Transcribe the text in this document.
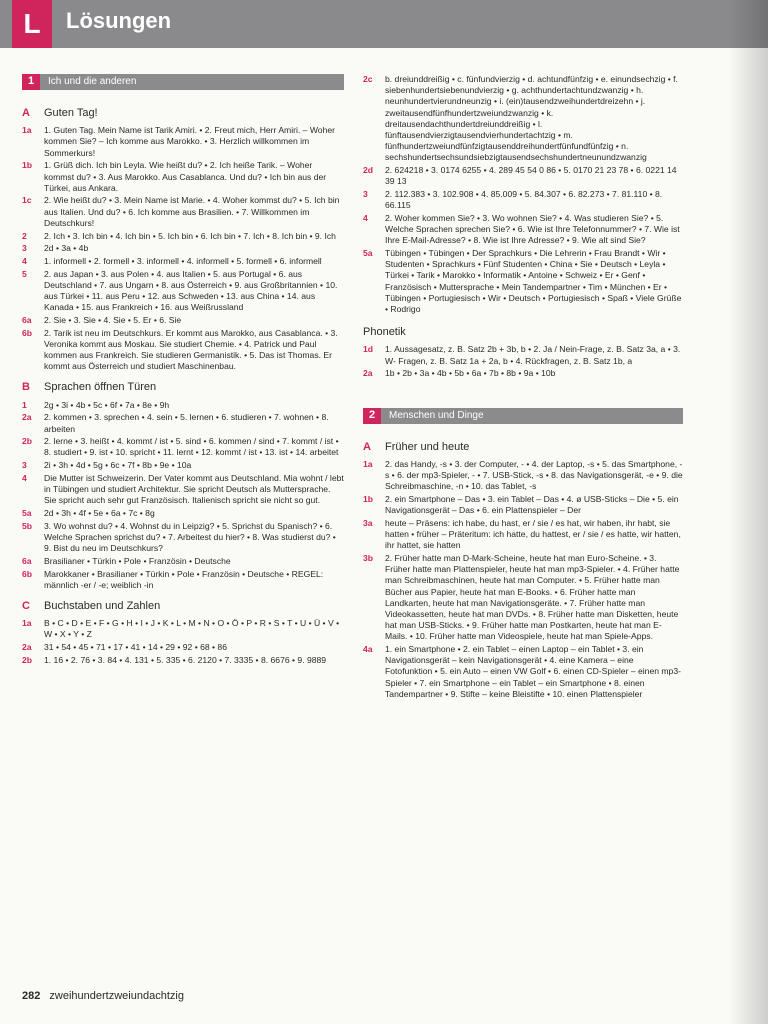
L	Lösungen
1	Ich und die anderen
A	Guten Tag!
1a	1. Guten Tag. Mein Name ist Tarik Amiri. • 2. Freut mich, Herr Amiri. – Woher kommen Sie? – Ich komme aus Marokko. • 3. Herzlich willkommen im Sommerkurs!
1b	1. Grüß dich. Ich bin Leyla. Wie heißt du? • 2. Ich heiße Tarik. – Woher kommst du? • 3. Aus Marokko. Aus Casablanca. Und du? • Ich bin aus der Türkei, aus Ankara.
1c	2. Wie heißt du? • 3. Mein Name ist Marie. • 4. Woher kommst du? • 5. Ich bin aus Italien. Und du? • 6. Ich komme aus Brasilien. • 7. Willkommen im Deutschkurs!
2	2. Ich • 3. Ich bin • 4. Ich bin • 5. Ich bin • 6. Ich bin • 7. Ich • 8. Ich bin • 9. Ich
3	2d • 3a • 4b
4	1. informell • 2. formell • 3. informell • 4. informell • 5. formell • 6. informell
5	2. aus Japan • 3. aus Polen • 4. aus Italien • 5. aus Portugal • 6. aus Deutschland • 7. aus Ungarn • 8. aus Österreich • 9. aus Großbritannien • 10. aus Türkei • 11. aus Peru • 12. aus Schweden • 13. aus China • 14. aus Kanada • 15. aus Frankreich • 16. aus Weißrussland
6a	2. Sie • 3. Sie • 4. Sie • 5. Er • 6. Sie
6b	2. Tarik ist neu im Deutschkurs. Er kommt aus Marokko, aus Casablanca. • 3. Veronika kommt aus Moskau. Sie studiert Chemie. • 4. Patrick und Paul kommen aus Frankreich. Sie studieren Germanistik. • 5. Das ist Thomas. Er kommt aus Österreich und studiert Maschinenbau.
B	Sprachen öffnen Türen
1	2g • 3i • 4b • 5c • 6f • 7a • 8e • 9h
2a	2. kommen • 3. sprechen • 4. sein • 5. lernen • 6. studieren • 7. wohnen • 8. arbeiten
2b	2. lerne • 3. heißt • 4. kommt / ist • 5. sind • 6. kommen / sind • 7. kommt / ist • 8. studiert • 9. ist • 10. spricht • 11. lernt • 12. kommt / ist • 13. ist • 14. arbeitet
3	2i • 3h • 4d • 5g • 6c • 7f • 8b • 9e • 10a
4	Die Mutter ist Schweizerin. Der Vater kommt aus Deutschland. Mia wohnt / lebt in Tübingen und studiert Architektur. Sie spricht Deutsch als Muttersprache. Sie spricht auch sehr gut Französisch. Italienisch spricht sie nicht so gut.
5a	2d • 3h • 4f • 5e • 6a • 7c • 8g
5b	3. Wo wohnst du? • 4. Wohnst du in Leipzig? • 5. Sprichst du Spanisch? • 6. Welche Sprachen sprichst du? • 7. Arbeitest du hier? • 8. Was studierst du? • 9. Bist du neu im Deutschkurs?
6a	Brasilianer • Türkin • Pole • Französin • Deutsche
6b	Marokkaner • Brasilianer • Türkin • Pole • Französin • Deutsche • REGEL: männlich -er / -e; weiblich -in
C	Buchstaben und Zahlen
1a	B • C • D • E • F • G • H • I • J • K • L • M • N • O • Ö • P • R • S • T • U • Ü • V • W • X • Y • Z
2a	31 • 54 • 45 • 71 • 17 • 41 • 14 • 29 • 92 • 68 • 86
2b	1. 16 • 2. 76 • 3. 84 • 4. 131 • 5. 335 • 6. 2120 • 7. 3335 • 8. 6676 • 9. 9889
2c	b. dreiunddreißig • c. fünfundvierzig • d. achtundfünfzig • e. einundsechzig • f. siebenhundertsiebenundvierzig • g. achthundertachtundzwanzig • h. neunhundertvierundneunzig • i. (ein)tausendzweihundertdreizehn • j. zweitausendfünfhundertzweiundzwanzig • k. dreitausendachthundertdreiunddreißig • l. fünftausendvierzigtausendvierhundertachtzig • m. fünfhundertzweiundfünfzigtausenddreihundertfünfundfünfzig • n. sechshundertsechsundsiebzigtausendsechshundertneunundzwanzig
2d	2. 624218 • 3. 0174 6255 • 4. 289 45 54 0 86 • 5. 0170 21 23 78 • 6. 0221 14 39 13
3	2. 112.383 • 3. 102.908 • 4. 85.009 • 5. 84.307 • 6. 82.273 • 7. 81.110 • 8. 66.115
4	2. Woher kommen Sie? • 3. Wo wohnen Sie? • 4. Was studieren Sie? • 5. Welche Sprachen sprechen Sie? • 6. Wie ist Ihre Telefonnummer? • 7. Wie ist Ihre E-Mail-Adresse? • 8. Wie ist Ihre Adresse? • 9. Wie alt sind Sie?
5a	Tübingen • Tübingen • Der Sprachkurs • Die Lehrerin • Frau Brandt • Wir • Studenten • Sprachkurs • Fünf Studenten • China • Sie • Deutsch • Leyla • Türkei • Tarik • Marokko • Informatik • Antoine • Schweiz • Er • Genf • Französisch • Muttersprache • Mein Tandempartner • Tim • München • Er • Tübingen • Portugiesisch • Wir • Deutsch • Portugiesisch • Spaß • Viele Grüße • Rodrigo
Phonetik
1d	1. Aussagesatz, z. B. Satz 2b + 3b, b • 2. Ja / Nein-Frage, z. B. Satz 3a, a • 3. W- Fragen, z. B. Satz 1a + 2a, b • 4. Rückfragen, z. B. Satz 1b, a
2a	1b • 2b • 3a • 4b • 5b • 6a • 7b • 8b • 9a • 10b
2	Menschen und Dinge
A	Früher und heute
1a	2. das Handy, -s • 3. der Computer, - • 4. der Laptop, -s • 5. das Smartphone, -s • 6. der mp3-Spieler, - • 7. USB-Stick, -s • 8. das Navigationsgerät, -e • 9. die Schreibmaschine, -n • 10. das Tablet, -s
1b	2. ein Smartphone – Das • 3. ein Tablet – Das • 4. ø USB-Sticks – Die • 5. ein Navigationsgerät – Das • 6. ein Plattenspieler – Der
3a	heute – Präsens: ich habe, du hast, er / sie / es hat, wir haben, ihr habt, sie hatten • früher – Präteritum: ich hatte, du hattest, er / sie / es hatte, wir hatten, ihr hattet, sie hatten
3b	2. Früher hatte man D-Mark-Scheine, heute hat man Euro-Scheine. • 3. Früher hatte man Plattenspieler, heute hat man mp3-Spieler. • 4. Früher hatte man Schreibmaschinen, heute hat man Computer. • 5. Früher hatte man Bücher aus Papier, heute hat man E-Books. • 6. Früher hatte man Landkarten, heute hat man Navigationsgeräte. • 7. Früher hatte man Videokassetten, heute hat man DVDs. • 8. Früher hatte man Disketten, heute hat man USB-Sticks. • 9. Früher hatte man Postkarten, heute hat man E-Mails. • 10. Früher hatte man Videospiele, heute hat man Spiele-Apps.
4a	1. ein Smartphone • 2. ein Tablet – einen Laptop – ein Tablet • 3. ein Navigationsgerät – kein Navigationsgerät • 4. eine Kamera – eine Fotofunktion • 5. ein Auto – einen VW Golf • 6. einen CD-Spieler – einen mp3-Spieler • 7. ein Smartphone – ein Tablet – ein Smartphone • 8. einen Tandempartner • 9. Stifte – keine Bleistifte • 10. einen Plattenspieler
282 zweihundertzweiundachtzig
